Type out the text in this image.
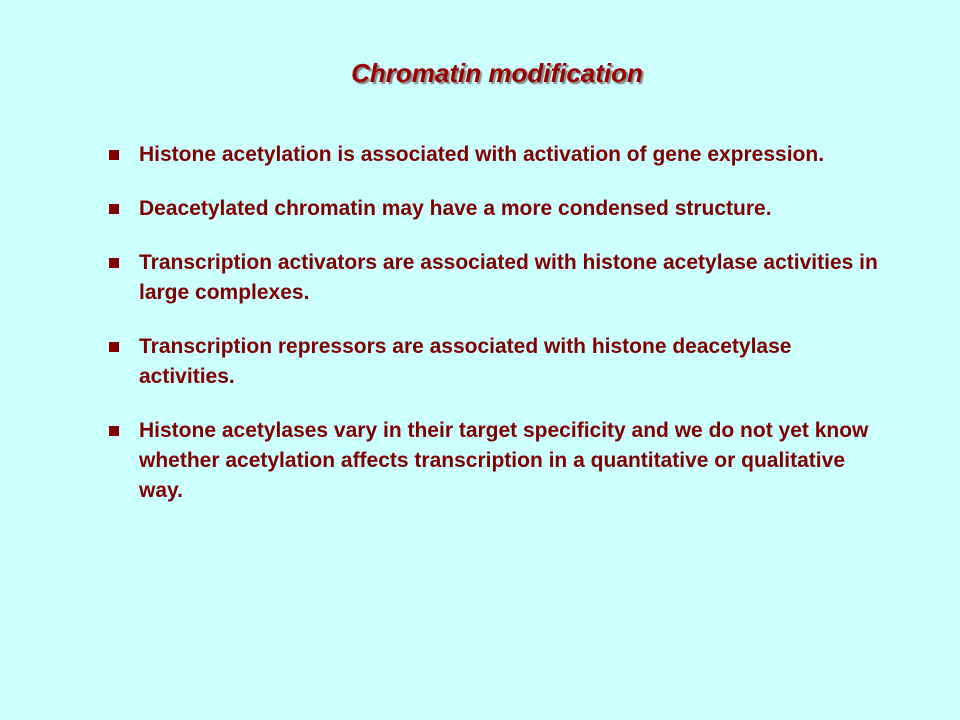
Chromatin modification
Histone acetylation is associated with activation of gene expression.
Deacetylated chromatin may have a more condensed structure.
Transcription activators are associated with histone acetylase activities in large complexes.
Transcription repressors are associated with histone deacetylase activities.
Histone acetylases vary in their target specificity and we do not yet know whether acetylation affects transcription in a quantitative or qualitative way.
